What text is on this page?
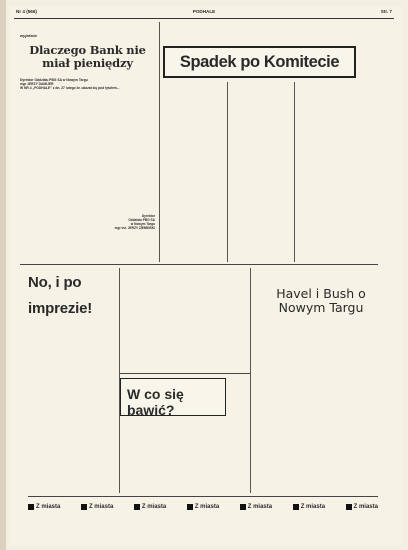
Nr 4 (566)	PODHALE	Str. 7
wyjaśnia
Dlaczego Bank nie miał pieniędzy
Dyrektor Oddziału PBG SA w Nowym Targu
mgr JERZY DAMIJER
W NR 4 „PODHALE” z dn. 27 lutego br. ukazał się pod tytułem...
Dyrektor
Oddziału PBG SA
w Nowym Targu
mgr inż. JERZY ZIEMIŃSKI
Spadek po Komitecie
No, i po imprezie!
Havel i Bush o Nowym Targu
W co się bawić?
Z miasta	Z miasta	Z miasta	Z miasta	Z miasta	Z miasta	Z miasta
